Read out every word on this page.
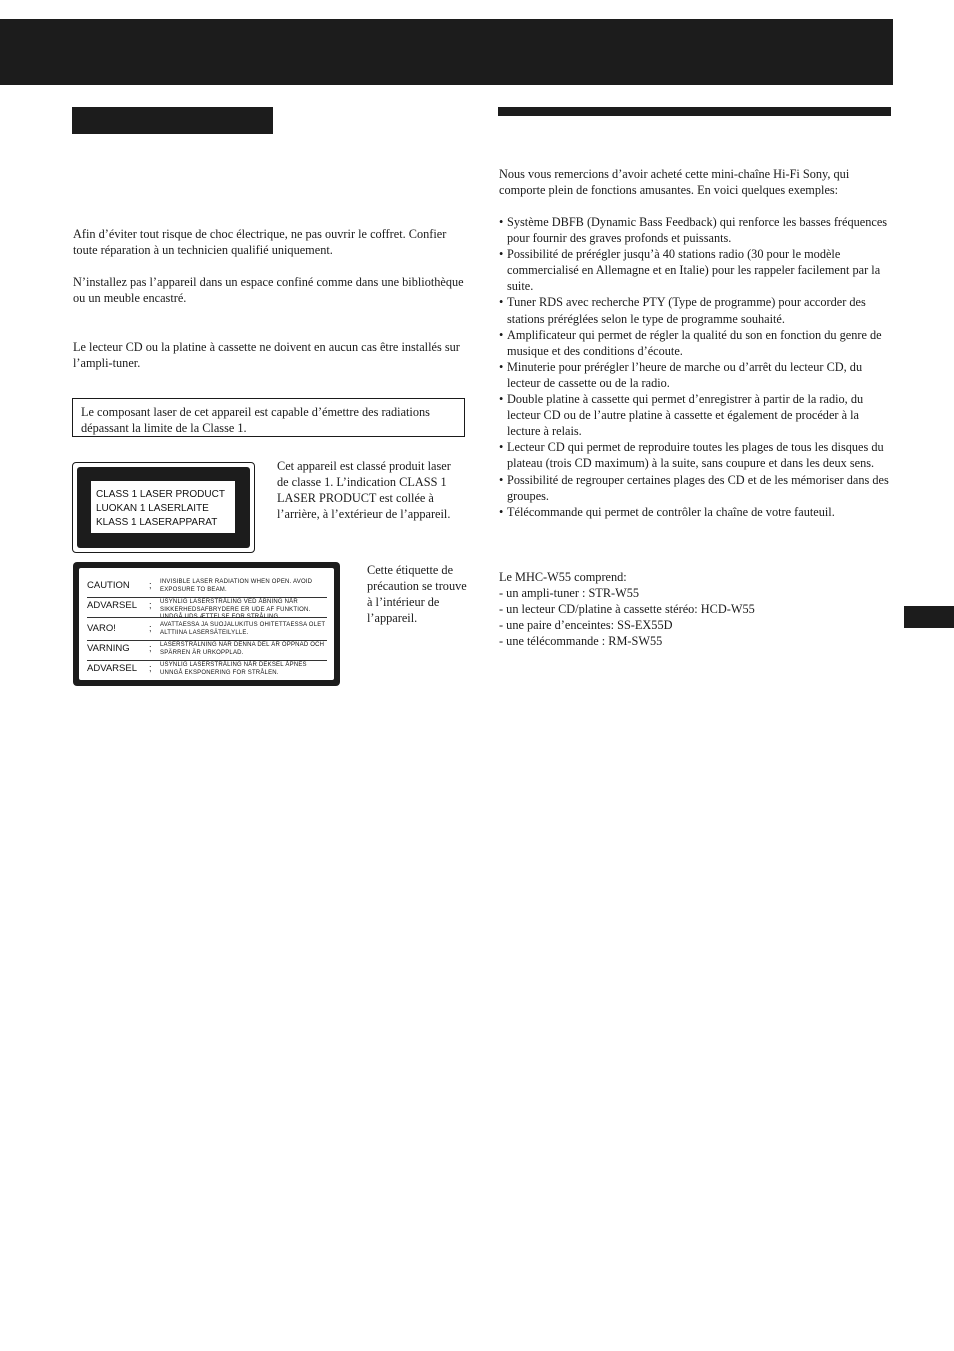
Afin d’éviter tout risque de choc électrique, ne pas ouvrir le coffret. Confier toute réparation à un technicien qualifié uniquement.

N’installez pas l’appareil dans un espace confiné comme dans une bibliothèque ou un meuble encastré.

Le lecteur CD ou la platine à cassette ne doivent en aucun cas être installés sur l’ampli-tuner.

Le composant laser de cet appareil est capable d’émettre des radiations dépassant la limite de la Classe 1.
CLASS 1 LASER PRODUCT
LUOKAN 1 LASERLAITE
KLASS 1 LASERAPPARAT

Cet appareil est classé produit laser de classe 1. L’indication CLASS 1 LASER PRODUCT est collée à l’arrière, à l’extérieur de l’appareil.

CAUTION ; INVISIBLE LASER RADIATION WHEN OPEN. AVOID EXPOSURE TO BEAM.
ADVARSEL ; USYNLIG LASERSTRÅLING VED ÅBNING NÅR SIKKERHEDSAFBRYDERE ER UDE AF FUNKTION. UNDGÅ UDS ÆTTELSE FOR STRÅLING.
VARO!	; AVATTAESSA JA SUOJALUKITUS OHITETTAESSA OLET ALTTIINA LASERSÄTEILYLLE.
VARNING ; LASERSTRÅLNING NÄR DENNA DEL ÄR ÖPPNAD OCH SPÄRREN ÄR URKOPPLAD.
ADVARSEL ; USYNLIG LASERSTRÅLING NÅR DEKSEL ÅPNES UNNGÅ EKSPONERING FOR STRÅLEN.

Cette étiquette de précaution se trouve à l’intérieur de l’appareil.

Nous vous remercions d’avoir acheté cette mini-chaîne Hi-Fi Sony, qui comporte plein de fonctions amusantes. En voici quelques exemples:

• Système DBFB (Dynamic Bass Feedback) qui renforce les basses fréquences pour fournir des graves profonds et puissants.
• Possibilité de prérégler jusqu’à 40 stations radio (30 pour le modèle commercialisé en Allemagne et en Italie) pour les rappeler facilement par la suite.
• Tuner RDS avec recherche PTY (Type de programme) pour accorder des stations préréglées selon le type de programme souhaité.
• Amplificateur qui permet de régler la qualité du son en fonction du genre de musique et des conditions d’écoute.
• Minuterie pour prérégler l’heure de marche ou d’arrêt du lecteur CD, du lecteur de cassette ou de la radio.
• Double platine à cassette qui permet d’enregistrer à partir de la radio, du lecteur CD ou de l’autre platine à cassette et également de procéder à la lecture à relais.
• Lecteur CD qui permet de reproduire toutes les plages de tous les disques du plateau (trois CD maximum) à la suite, sans coupure et dans les deux sens.
• Possibilité de regrouper certaines plages des CD et de les mémoriser dans des groupes.
• Télécommande qui permet de contrôler la chaîne de votre fauteuil.

Le MHC-W55 comprend:

- un ampli-tuner : STR-W55
- un lecteur CD/platine à cassette stéréo: HCD-W55
- une paire d’enceintes: SS-EX55D
- une télécommande : RM-SW55
